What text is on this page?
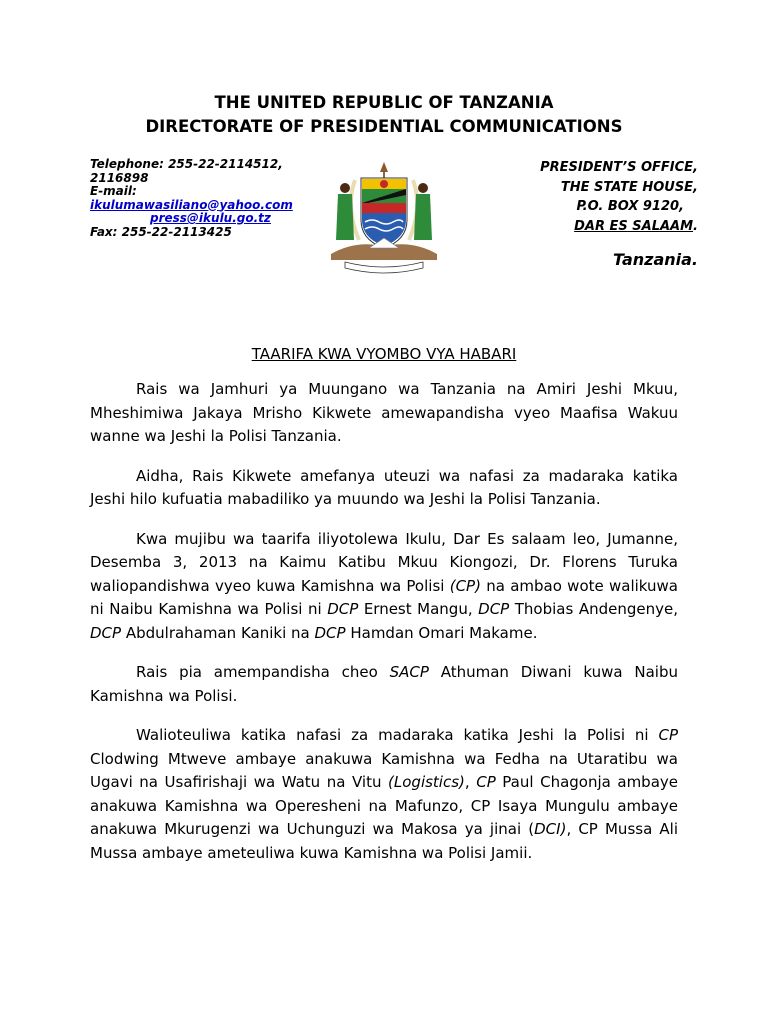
THE UNITED REPUBLIC OF TANZANIA
DIRECTORATE OF PRESIDENTIAL COMMUNICATIONS
Telephone: 255-22-2114512,
2116898
E-mail:
ikulumawasiliano@yahoo.com
press@ikulu.go.tz
Fax: 255-22-2113425
PRESIDENT’S OFFICE,
THE STATE HOUSE,
P.O. BOX 9120,
DAR ES SALAAM.
Tanzania.
TAARIFA KWA VYOMBO VYA HABARI

Rais wa Jamhuri ya Muungano wa Tanzania na Amiri Jeshi Mkuu, Mheshimiwa Jakaya Mrisho Kikwete amewapandisha vyeo Maafisa Wakuu wanne wa Jeshi la Polisi Tanzania.

Aidha, Rais Kikwete amefanya uteuzi wa nafasi za madaraka katika Jeshi hilo kufuatia mabadiliko ya muundo wa Jeshi la Polisi Tanzania.

Kwa mujibu wa taarifa iliyotolewa Ikulu, Dar Es salaam leo, Jumanne, Desemba 3, 2013 na Kaimu Katibu Mkuu Kiongozi, Dr. Florens Turuka waliopandishwa vyeo kuwa Kamishna wa Polisi (CP) na ambao wote walikuwa ni Naibu Kamishna wa Polisi ni DCP Ernest Mangu, DCP Thobias Andengenye, DCP Abdulrahaman Kaniki na DCP Hamdan Omari Makame.

Rais pia amempandisha cheo SACP Athuman Diwani kuwa Naibu Kamishna wa Polisi.

Walioteuliwa katika nafasi za madaraka katika Jeshi la Polisi ni CP Clodwing Mtweve ambaye anakuwa Kamishna wa Fedha na Utaratibu wa Ugavi na Usafirishaji wa Watu na Vitu (Logistics), CP Paul Chagonja ambaye anakuwa Kamishna wa Operesheni na Mafunzo, CP Isaya Mungulu ambaye anakuwa Mkurugenzi wa Uchunguzi wa Makosa ya jinai (DCI), CP Mussa Ali Mussa ambaye ameteuliwa kuwa Kamishna wa Polisi Jamii.
